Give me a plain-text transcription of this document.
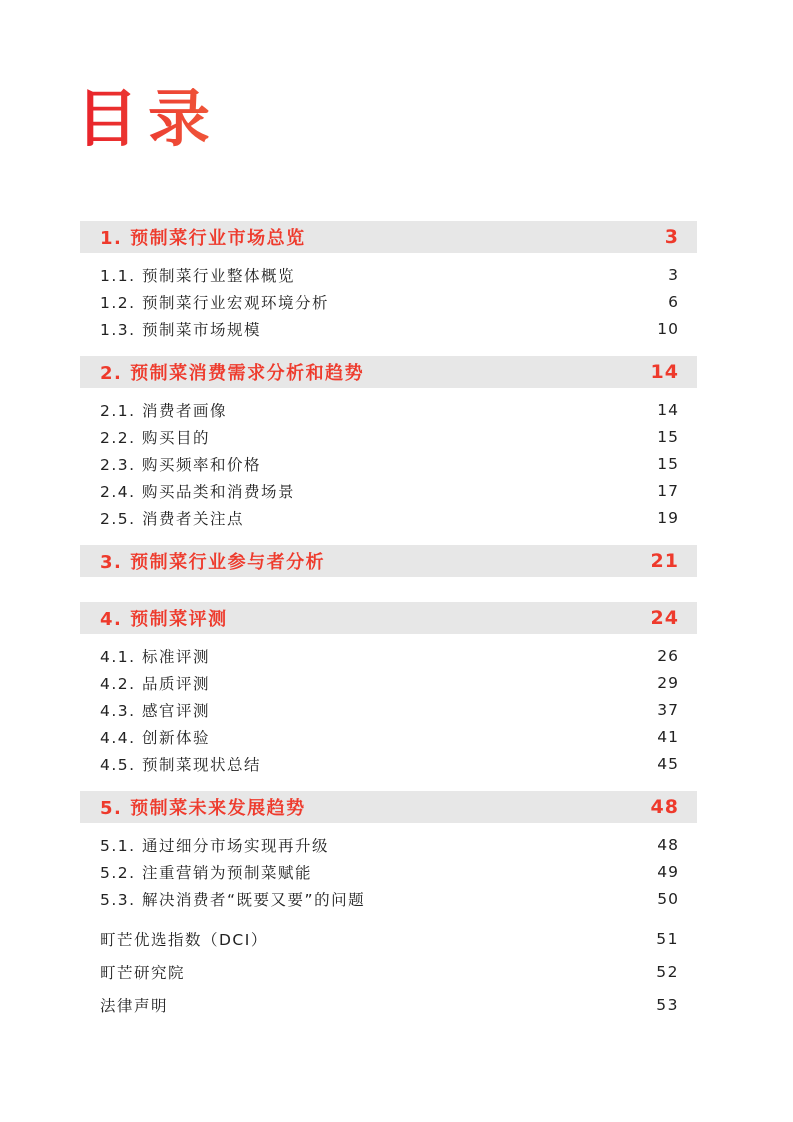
目录
1. 预制菜行业市场总览	3
1.1. 预制菜行业整体概览	3
1.2. 预制菜行业宏观环境分析	6
1.3. 预制菜市场规模	10
2. 预制菜消费需求分析和趋势	14
2.1. 消费者画像	14
2.2. 购买目的	15
2.3. 购买频率和价格	15
2.4. 购买品类和消费场景	17
2.5. 消费者关注点	19
3. 预制菜行业参与者分析	21
4. 预制菜评测	24
4.1. 标准评测	26
4.2. 品质评测	29
4.3. 感官评测	37
4.4. 创新体验	41
4.5. 预制菜现状总结	45
5. 预制菜未来发展趋势	48
5.1. 通过细分市场实现再升级	48
5.2. 注重营销为预制菜赋能	49
5.3. 解决消费者“既要又要”的问题	50
町芒优选指数（DCI）	51
町芒研究院	52
法律声明	53
